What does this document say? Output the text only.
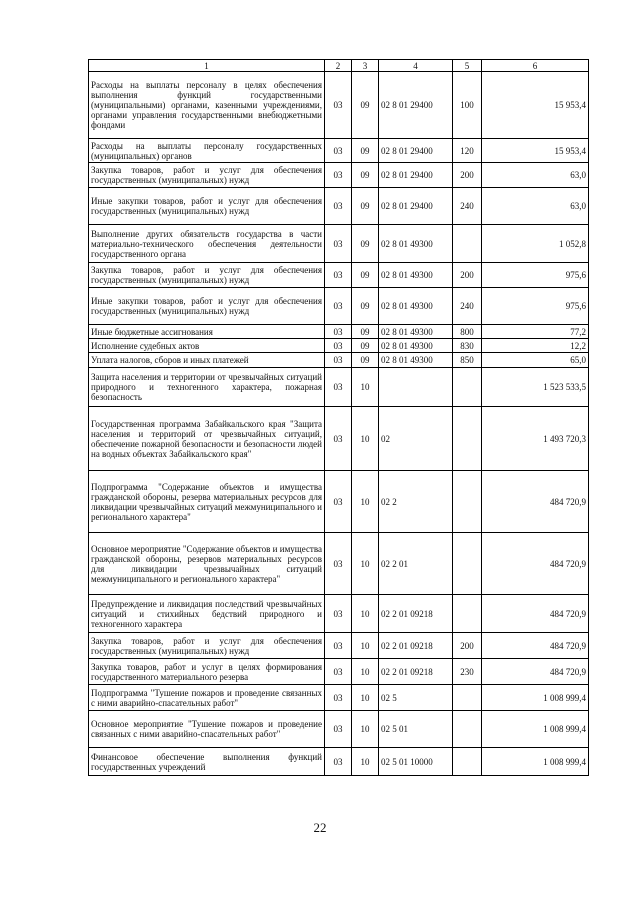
1	2	3	4	5	6
Расходы на выплаты персоналу в целях обеспечения выполнения функций государственными (муниципальными) органами, казенными учреждениями, органами управления государственными внебюджетными фондами	03	09	02 8 01 29400	100	15 953,4
Расходы на выплаты персоналу государственных (муниципальных) органов	03	09	02 8 01 29400	120	15 953,4
Закупка товаров, работ и услуг для обеспечения государственных (муниципальных) нужд	03	09	02 8 01 29400	200	63,0
Иные закупки товаров, работ и услуг для обеспечения государственных (муниципальных) нужд	03	09	02 8 01 29400	240	63,0
Выполнение других обязательств государства в части материально-технического обеспечения деятельности государственного органа	03	09	02 8 01 49300		1 052,8
Закупка товаров, работ и услуг для обеспечения государственных (муниципальных) нужд	03	09	02 8 01 49300	200	975,6
Иные закупки товаров, работ и услуг для обеспечения государственных (муниципальных) нужд	03	09	02 8 01 49300	240	975,6
Иные бюджетные ассигнования	03	09	02 8 01 49300	800	77,2
Исполнение судебных актов	03	09	02 8 01 49300	830	12,2
Уплата налогов, сборов и иных платежей	03	09	02 8 01 49300	850	65,0
Защита населения и территории от чрезвычайных ситуаций природного и техногенного характера, пожарная безопасность	03	10			1 523 533,5
Государственная программа Забайкальского края "Защита населения и территорий от чрезвычайных ситуаций, обеспечение пожарной безопасности и безопасности людей на водных объектах Забайкальского края"	03	10	02		1 493 720,3
Подпрограмма "Содержание объектов и имущества гражданской обороны, резерва материальных ресурсов для ликвидации чрезвычайных ситуаций межмуниципального и регионального характера"	03	10	02 2		484 720,9
Основное мероприятие "Содержание объектов и имущества гражданской обороны, резервов материальных ресурсов для ликвидации чрезвычайных ситуаций межмуниципального и регионального характера"	03	10	02 2 01		484 720,9
Предупреждение и ликвидация последствий чрезвычайных ситуаций и стихийных бедствий природного и техногенного характера	03	10	02 2 01 09218		484 720,9
Закупка товаров, работ и услуг для обеспечения государственных (муниципальных) нужд	03	10	02 2 01 09218	200	484 720,9
Закупка товаров, работ и услуг в целях формирования государственного материального резерва	03	10	02 2 01 09218	230	484 720,9
Подпрограмма "Тушение пожаров и проведение связанных с ними аварийно-спасательных работ"	03	10	02 5		1 008 999,4
Основное мероприятие "Тушение пожаров и проведение связанных с ними аварийно-спасательных работ"	03	10	02 5 01		1 008 999,4
Финансовое обеспечение выполнения функций государственных учреждений	03	10	02 5 01 10000		1 008 999,4
22
